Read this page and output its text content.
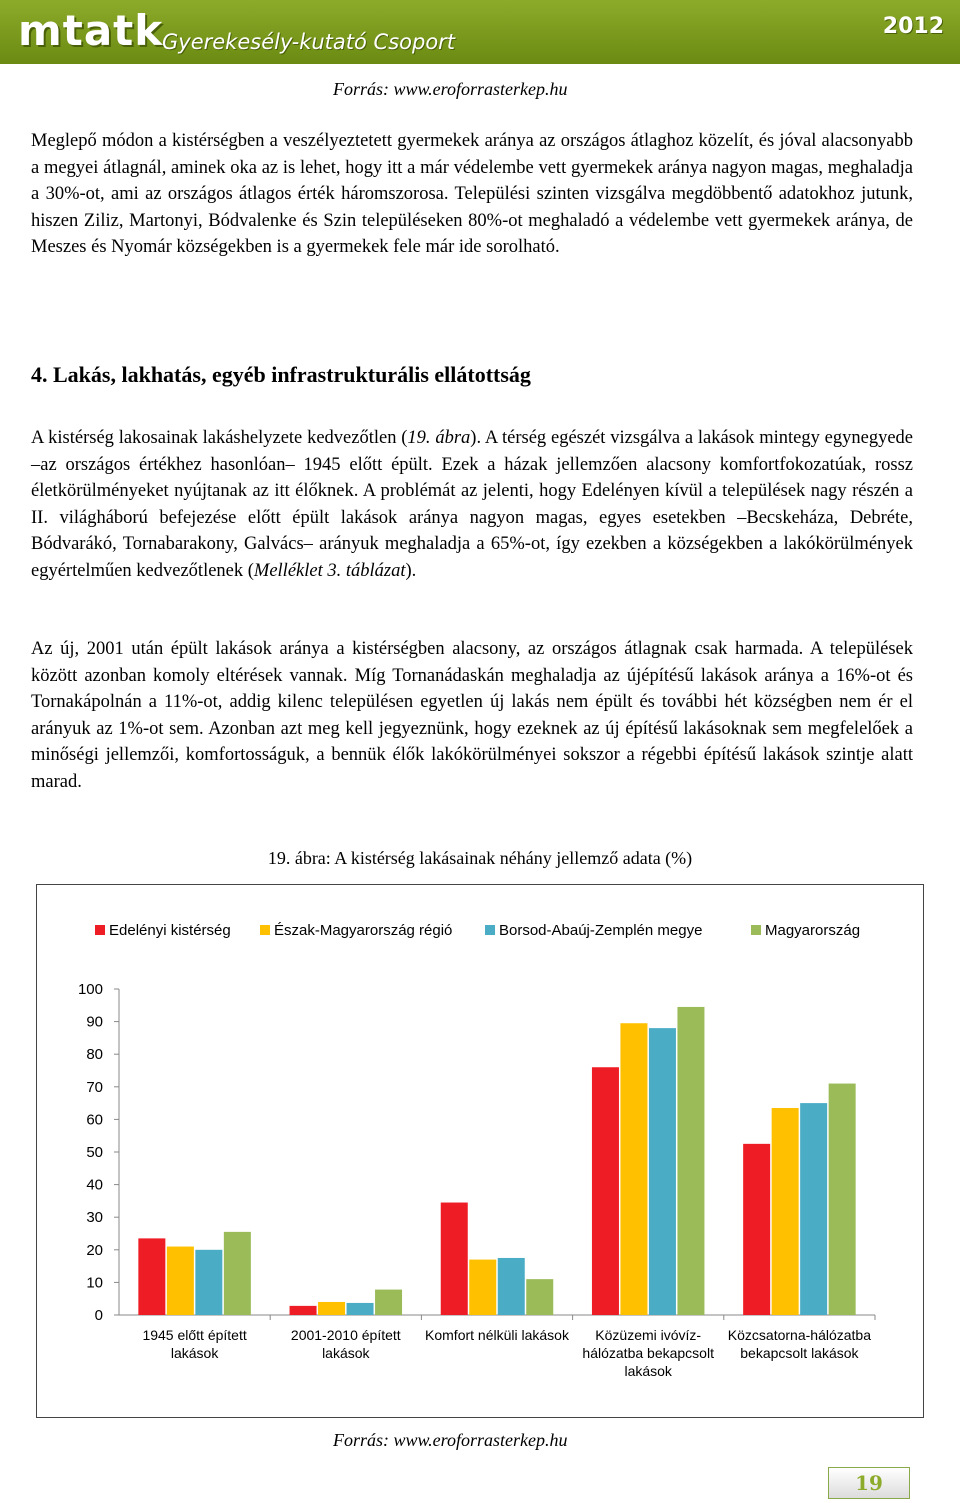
mtatk
Gyerekesély-kutató Csoport
2012
Forrás: www.eroforrasterkep.hu

Meglepő módon a kistérségben a veszélyeztetett gyermekek aránya az országos átlaghoz közelít, és jóval alacsonyabb a megyei átlagnál, aminek oka az is lehet, hogy itt a már védelembe vett gyermekek aránya nagyon magas, meghaladja a 30%-ot, ami az országos átlagos érték háromszorosa. Települési szinten vizsgálva megdöbbentő adatokhoz jutunk, hiszen Ziliz, Martonyi, Bódvalenke és Szin településeken 80%-ot meghaladó a védelembe vett gyermekek aránya, de Meszes és Nyomár községekben is a gyermekek fele már ide sorolható.

4. Lakás, lakhatás, egyéb infrastrukturális ellátottság

A kistérség lakosainak lakáshelyzete kedvezőtlen (19. ábra). A térség egészét vizsgálva a lakások mintegy egynegyede –az országos értékhez hasonlóan– 1945 előtt épült. Ezek a házak jellemzően alacsony komfortfokozatúak, rossz életkörülményeket nyújtanak az itt élőknek. A problémát az jelenti, hogy Edelényen kívül a települések nagy részén a II. világháború befejezése előtt épült lakások aránya nagyon magas, egyes esetekben –Becskeháza, Debréte, Bódvarákó, Tornabarakony, Galvács– arányuk meghaladja a 65%-ot, így ezekben a községekben a lakókörülmények egyértelműen kedvezőtlenek (Melléklet 3. táblázat).

Az új, 2001 után épült lakások aránya a kistérségben alacsony, az országos átlagnak csak harmada. A települések között azonban komoly eltérések vannak. Míg Tornanádaskán meghaladja az újépítésű lakások aránya a 16%-ot és Tornakápolnán a 11%-ot, addig kilenc településen egyetlen új lakás nem épült és további hét községben nem ér el arányuk az 1%-ot sem. Azonban azt meg kell jegyeznünk, hogy ezeknek az új építésű lakásoknak sem megfelelőek a minőségi jellemzői, komfortosságuk, a bennük élők lakókörülményei sokszor a régebbi építésű lakások szintje alatt marad.

19. ábra: A kistérség lakásainak néhány jellemző adata (%)
Edelényi kistérség	Észak-Magyarország régió	Borsod-Abaúj-Zemplén megye	Magyarország
100
90
80
70
60
50
40
30
20
10
0
1945 előtt épített
lakások
2001-2010 épített
lakások
Komfort nélküli lakások Közüzemi ivóvíz-
hálózatba bekapcsolt
lakások
Közcsatorna-hálózatba
bekapcsolt lakások
Forrás: www.eroforrasterkep.hu
19
